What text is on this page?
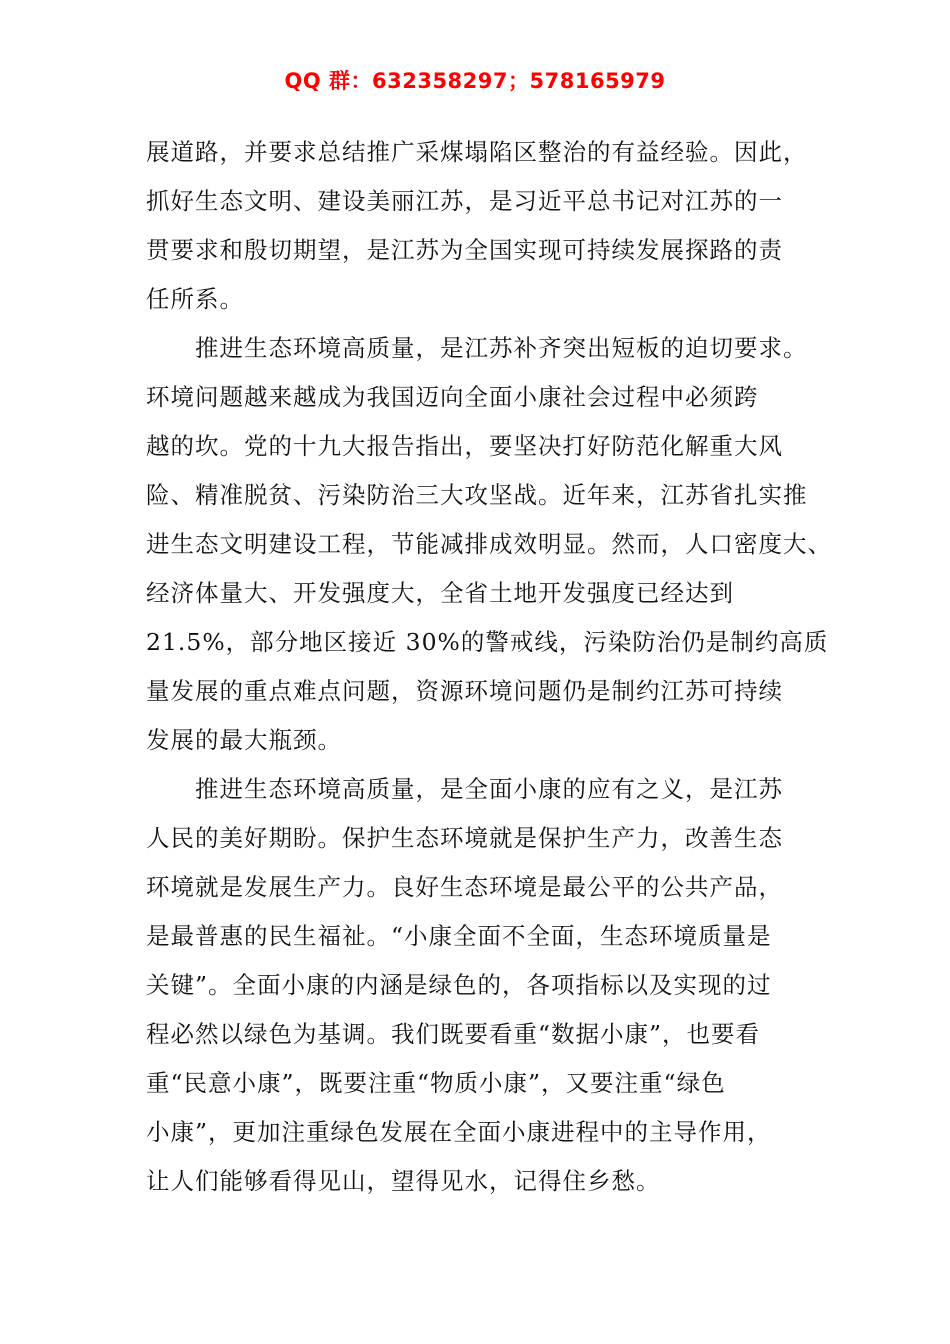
QQ 群：632358297；578165979
展道路，并要求总结推广采煤塌陷区整治的有益经验。因此，
抓好生态文明、建设美丽江苏，是习近平总书记对江苏的一
贯要求和殷切期望，是江苏为全国实现可持续发展探路的责
任所系。
　　推进生态环境高质量，是江苏补齐突出短板的迫切要求。
环境问题越来越成为我国迈向全面小康社会过程中必须跨
越的坎。党的十九大报告指出，要坚决打好防范化解重大风
险、精准脱贫、污染防治三大攻坚战。近年来，江苏省扎实推
进生态文明建设工程，节能减排成效明显。然而，人口密度大、
经济体量大、开发强度大，全省土地开发强度已经达到
21.5%，部分地区接近 30%的警戒线，污染防治仍是制约高质
量发展的重点难点问题，资源环境问题仍是制约江苏可持续
发展的最大瓶颈。
　　推进生态环境高质量，是全面小康的应有之义，是江苏
人民的美好期盼。保护生态环境就是保护生产力，改善生态
环境就是发展生产力。良好生态环境是最公平的公共产品，
是最普惠的民生福祉。“小康全面不全面，生态环境质量是
关键”。全面小康的内涵是绿色的，各项指标以及实现的过
程必然以绿色为基调。我们既要看重“数据小康”，也要看
重“民意小康”，既要注重“物质小康”，又要注重“绿色
小康”，更加注重绿色发展在全面小康进程中的主导作用，
让人们能够看得见山，望得见水，记得住乡愁。
